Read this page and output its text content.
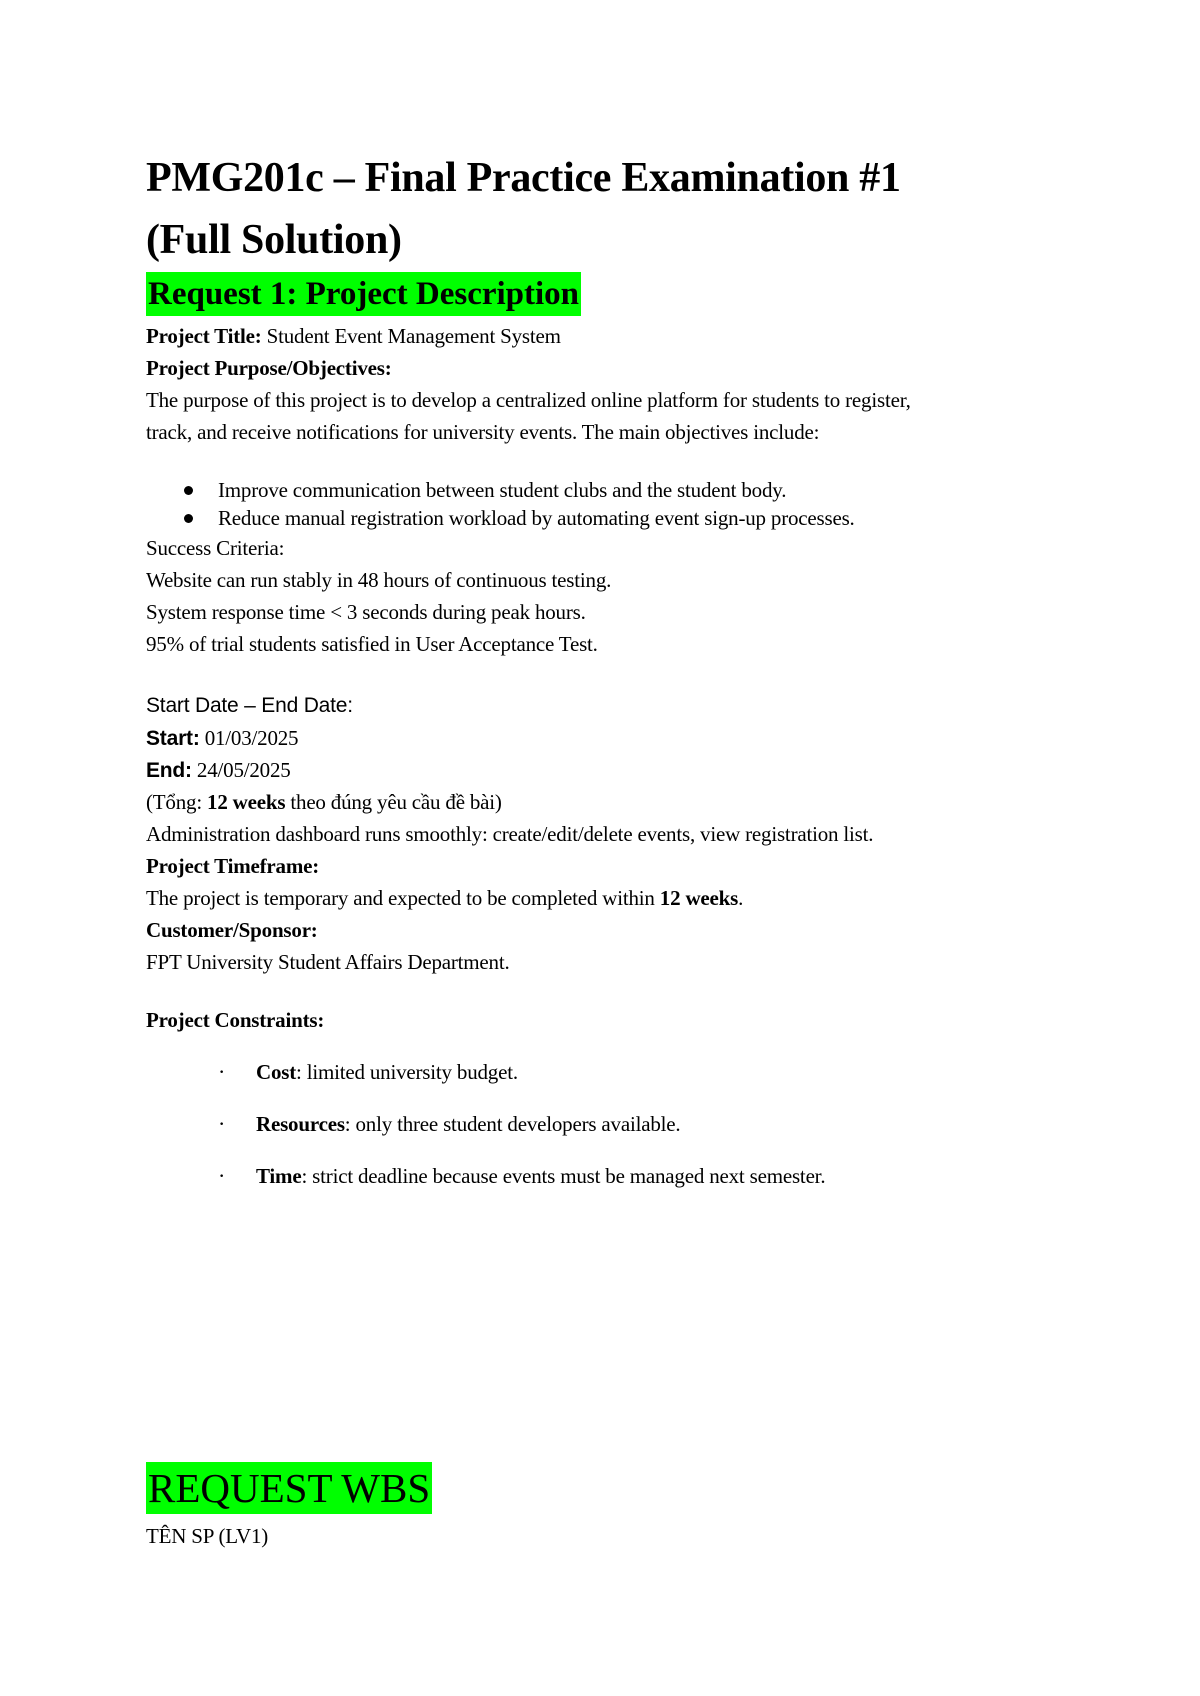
PMG201c – Final Practice Examination #1
(Full Solution)
Request 1: Project Description
Project Title: Student Event Management System
Project Purpose/Objectives:
The purpose of this project is to develop a centralized online platform for students to register,
track, and receive notifications for university events. The main objectives include:
Improve communication between student clubs and the student body.
Reduce manual registration workload by automating event sign-up processes.
Success Criteria:
Website can run stably in 48 hours of continuous testing.
System response time < 3 seconds during peak hours.
95% of trial students satisfied in User Acceptance Test.
Start Date – End Date:
Start: 01/03/2025
End: 24/05/2025
(Tổng: 12 weeks theo đúng yêu cầu đề bài)
Administration dashboard runs smoothly: create/edit/delete events, view registration list.
Project Timeframe:
The project is temporary and expected to be completed within 12 weeks.
Customer/Sponsor:
FPT University Student Affairs Department.
Project Constraints:
· Cost: limited university budget.
· Resources: only three student developers available.
· Time: strict deadline because events must be managed next semester.
REQUEST WBS
TÊN SP (LV1)
